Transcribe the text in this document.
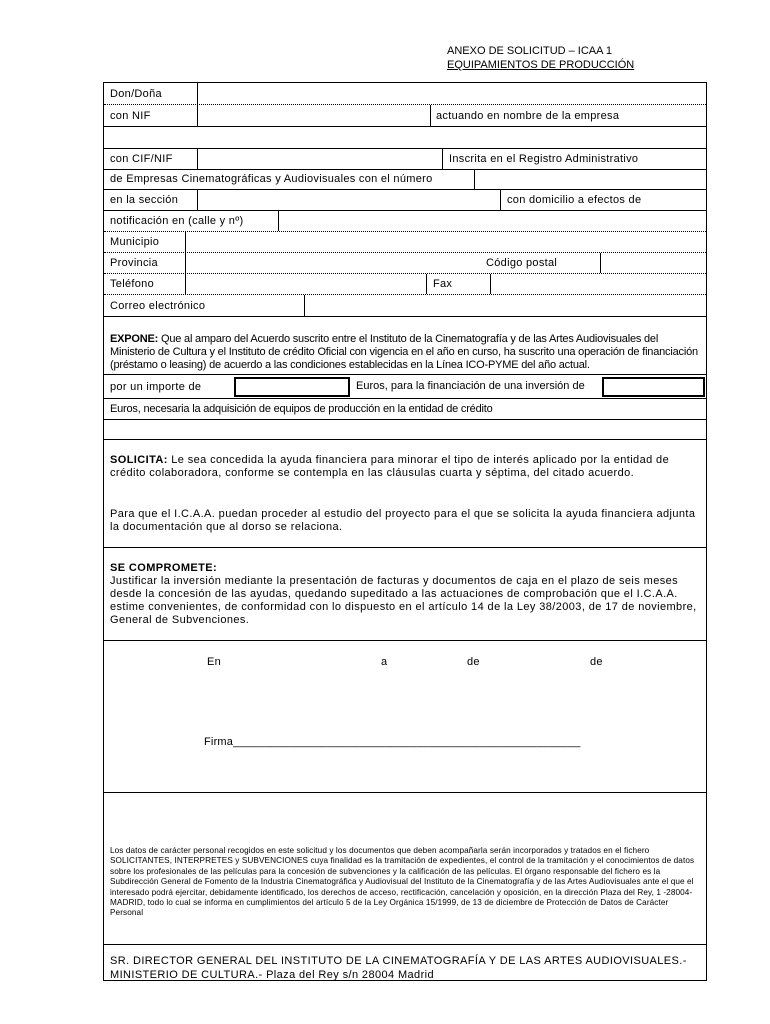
ANEXO DE SOLICITUD – ICAA 1
EQUIPAMIENTOS DE PRODUCCIÓN
Don/Doña
con NIF	actuando en nombre de la empresa
con CIF/NIF	Inscrita en el Registro Administrativo
de Empresas Cinematográficas y Audiovisuales con el número
en la sección	con domicilio a efectos de
notificación en (calle y nº)
Municipio
Provincia	Código postal
Teléfono	Fax
Correo electrónico
EXPONE: Que al amparo del Acuerdo suscrito entre el Instituto de la Cinematografía y de las Artes Audiovisuales del Ministerio de Cultura y el Instituto de crédito Oficial con vigencia en el año en curso, ha suscrito una operación de financiación (préstamo o leasing) de acuerdo a las condiciones establecidas en la Línea ICO-PYME del año actual.
por un importe de	Euros, para la financiación de una inversión de
Euros, necesaria la adquisición de equipos de producción en la entidad de crédito
SOLICITA: Le sea concedida la ayuda financiera para minorar el tipo de interés aplicado por la entidad de crédito colaboradora, conforme se contempla en las cláusulas cuarta y séptima, del citado acuerdo.
Para que el I.C.A.A. puedan proceder al estudio del proyecto para el que se solicita la ayuda financiera adjunta la documentación que al dorso se relaciona.
SE COMPROMETE:
Justificar la inversión mediante la presentación de facturas y documentos de caja en el plazo de seis meses desde la concesión de las ayudas, quedando supeditado a las actuaciones de comprobación que el I.C.A.A. estime convenientes, de conformidad con lo dispuesto en el artículo 14 de la Ley 38/2003, de 17 de noviembre, General de Subvenciones.
En	a	de	de
Firma_______________________________________________________
Los datos de carácter personal recogidos en este solicitud y los documentos que deben acompañarla serán incorporados y tratados en el fichero SOLICITANTES, INTERPRETES y SUBVENCIONES cuya finalidad es la tramitación de expedientes, el control de la tramitación y el conocimientos de datos sobre los profesionales de las películas para la concesión de subvenciones y la calificación de las películas. El órgano responsable del fichero es la Subdirección General de Fomento de la Industria Cinematográfica y Audiovisual del Instituto de la Cinematografía y de las Artes Audiovisuales ante el que el interesado podrá ejercitar, debidamente identificado, los derechos de acceso, rectificación, cancelación y oposición, en la dirección Plaza del Rey, 1 -28004- MADRID, todo lo cual se informa en cumplimientos del artículo 5 de la Ley Orgánica 15/1999, de 13 de diciembre de Protección de Datos de Carácter Personal
SR. DIRECTOR GENERAL DEL INSTITUTO DE LA CINEMATOGRAFÍA Y DE LAS ARTES AUDIOVISUALES.- MINISTERIO DE CULTURA.- Plaza del Rey s/n 28004 Madrid
